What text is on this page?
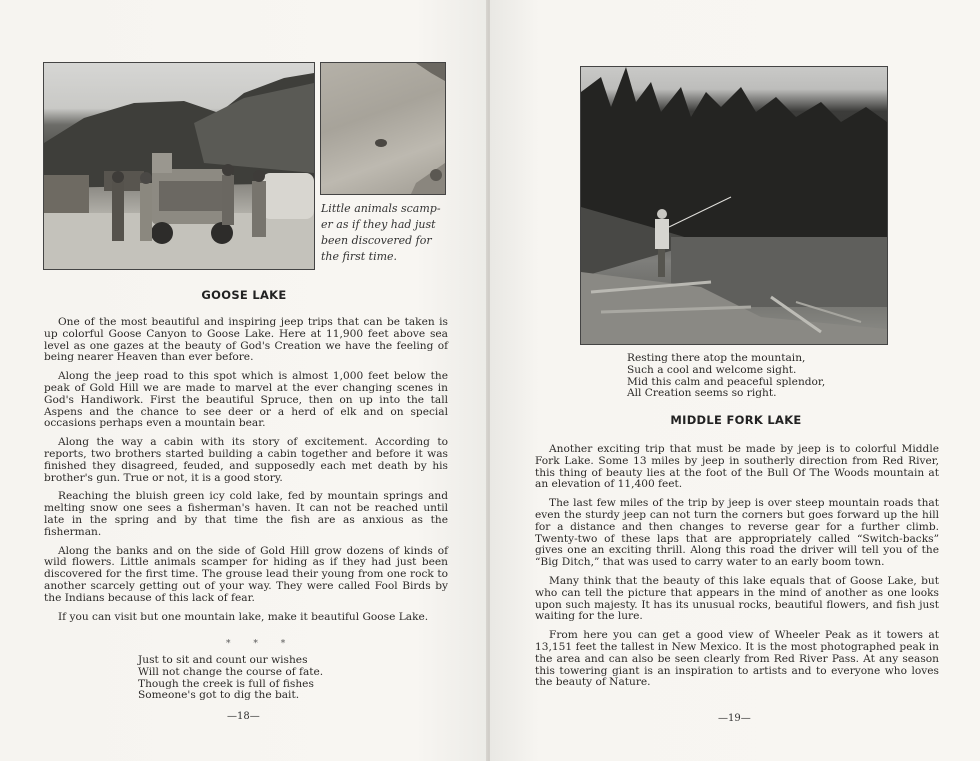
Little animals scamp-
er as if they had just
been discovered for
the first time.
GOOSE LAKE

One of the most beautiful and inspiring jeep trips that can be taken is up colorful Goose Canyon to Goose Lake. Here at 11,900 feet above sea level as one gazes at the beauty of God's Creation we have the feeling of being nearer Heaven than ever before.

Along the jeep road to this spot which is almost 1,000 feet below the peak of Gold Hill we are made to marvel at the ever changing scenes in God's Handiwork. First the beautiful Spruce, then on up into the tall Aspens and the chance to see deer or a herd of elk and on special occasions perhaps even a mountain bear.

Along the way a cabin with its story of excitement. According to reports, two brothers started building a cabin together and before it was finished they disagreed, feuded, and supposedly each met death by his brother's gun. True or not, it is a good story.

Reaching the bluish green icy cold lake, fed by mountain springs and melting snow one sees a fisherman's haven. It can not be reached until late in the spring and by that time the fish are as anxious as the fisherman.

Along the banks and on the side of Gold Hill grow dozens of kinds of wild flowers. Little animals scamper for hiding as if they had just been discovered for the first time. The grouse lead their young from one rock to another scarcely getting out of your way. They were called Fool Birds by the Indians because of this lack of fear.

If you can visit but one mountain lake, make it beautiful Goose Lake.

* * *
Just to sit and count our wishes
Will not change the course of fate.
Though the creek is full of fishes
Someone's got to dig the bait.
—18—	—19—
Resting there atop the mountain,
Such a cool and welcome sight.
Mid this calm and peaceful splendor,
All Creation seems so right.
MIDDLE FORK LAKE

Another exciting trip that must be made by jeep is to colorful Middle Fork Lake. Some 13 miles by jeep in southerly direction from Red River, this thing of beauty lies at the foot of the Bull Of The Woods mountain at an elevation of 11,400 feet.

The last few miles of the trip by jeep is over steep mountain roads that even the sturdy jeep can not turn the corners but goes forward up the hill for a distance and then changes to reverse gear for a further climb. Twenty-two of these laps that are appropriately called “Switch-backs” gives one an exciting thrill. Along this road the driver will tell you of the “Big Ditch,” that was used to carry water to an early boom town.

Many think that the beauty of this lake equals that of Goose Lake, but who can tell the picture that appears in the mind of another as one looks upon such majesty. It has its unusual rocks, beautiful flowers, and fish just waiting for the lure.

From here you can get a good view of Wheeler Peak as it towers at 13,151 feet the tallest in New Mexico. It is the most photographed peak in the area and can also be seen clearly from Red River Pass. At any season this towering giant is an inspiration to artists and to everyone who loves the beauty of Nature.
